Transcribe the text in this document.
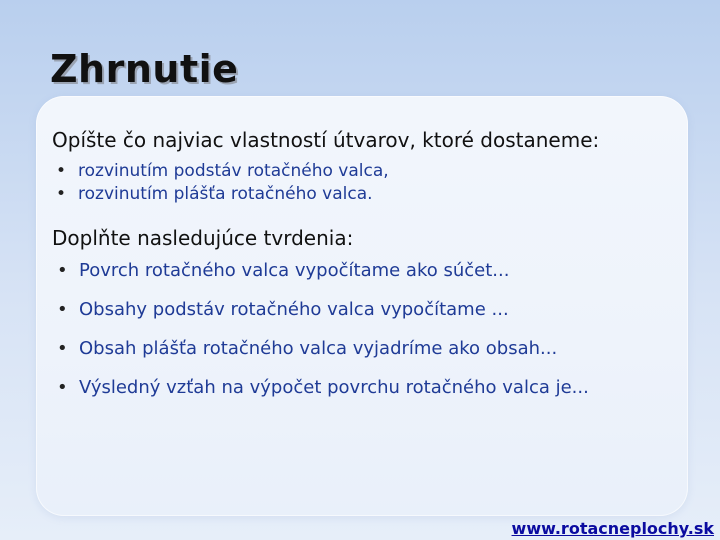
Zhrnutie

Opíšte čo najviac vlastností útvarov, ktoré dostaneme:

• rozvinutím podstáv rotačného valca,
• rozvinutím plášťa rotačného valca.

Doplňte nasledujúce tvrdenia:

• Povrch rotačného valca vypočítame ako súčet...
• Obsahy podstáv rotačného valca vypočítame ...
• Obsah plášťa rotačného valca vyjadríme ako obsah...
• Výsledný vzťah na výpočet povrchu rotačného valca je...
www.rotacneplochy.sk
